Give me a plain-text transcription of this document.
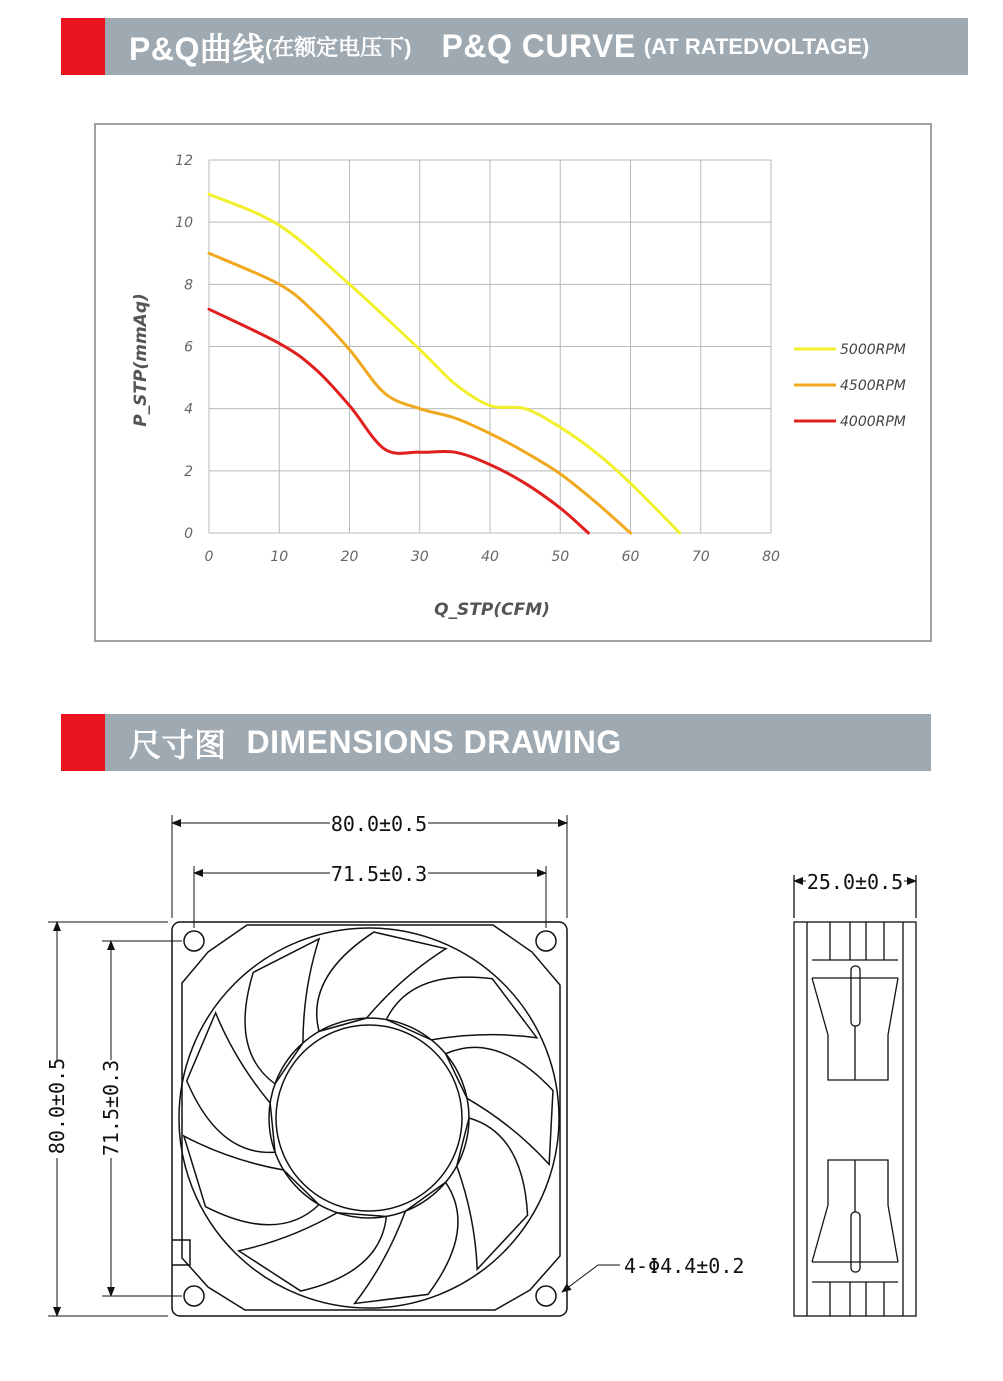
P&Q曲线 (在额定电压下) P&Q CURVE (AT RATEDVOLTAGE)
0	10	20	30	40	50	60	70	80
0
2
4
6
8
10
12
5000RPM
4500RPM
4000RPM
Q_STP(CFM)
P_STP(mmAq)
尺寸图 DIMENSIONS DRAWING
80.0±0.5
71.5±0.3
80.0±0.5 71.5±0.3
25.0±0.5
4-Φ4.4±0.2
